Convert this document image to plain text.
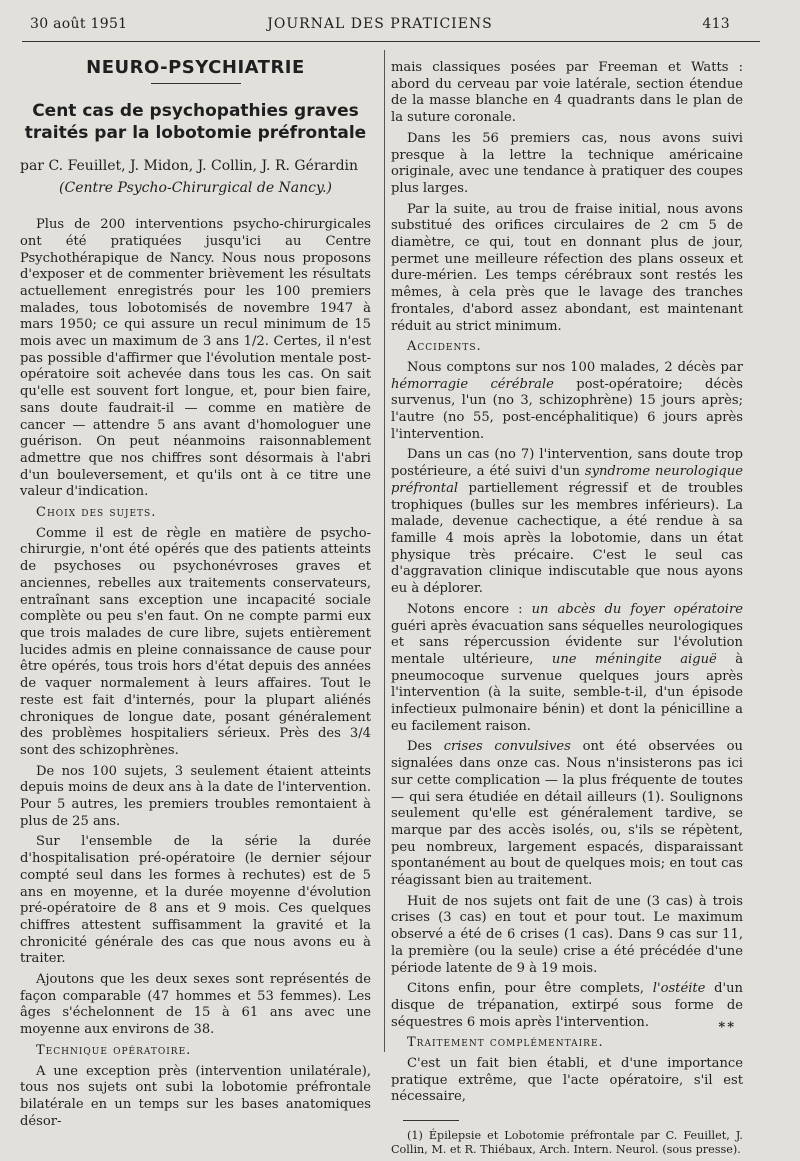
30 août 1951	JOURNAL DES PRATICIENS	413
NEURO-PSYCHIATRIE
Cent cas de psychopathies graves
traités par la lobotomie préfrontale
par C. Feuillet, J. Midon, J. Collin, J. R. Gérardin
(Centre Psycho-Chirurgical de Nancy.)

Plus de 200 interventions psycho-chirurgicales ont été pratiquées jusqu'ici au Centre Psychothérapique de Nancy. Nous nous proposons d'exposer et de commenter brièvement les résultats actuellement enregistrés pour les 100 premiers malades, tous lobotomisés de novembre 1947 à mars 1950; ce qui assure un recul minimum de 15 mois avec un maximum de 3 ans 1/2. Certes, il n'est pas possible d'affirmer que l'évolution mentale post-opératoire soit achevée dans tous les cas. On sait qu'elle est souvent fort longue, et, pour bien faire, sans doute faudrait-il — comme en matière de cancer — attendre 5 ans avant d'homologuer une guérison. On peut néanmoins raisonnablement admettre que nos chiffres sont désormais à l'abri d'un bouleversement, et qu'ils ont à ce titre une valeur d'indication.

Choix des sujets.

Comme il est de règle en matière de psycho-chirurgie, n'ont été opérés que des patients atteints de psychoses ou psychonévroses graves et anciennes, rebelles aux traitements conservateurs, entraînant sans exception une incapacité sociale complète ou peu s'en faut. On ne compte parmi eux que trois malades de cure libre, sujets entièrement lucides admis en pleine connaissance de cause pour être opérés, tous trois hors d'état depuis des années de vaquer normalement à leurs affaires. Tout le reste est fait d'internés, pour la plupart aliénés chroniques de longue date, posant généralement des problèmes hospitaliers sérieux. Près des 3/4 sont des schizophrènes.

De nos 100 sujets, 3 seulement étaient atteints depuis moins de deux ans à la date de l'intervention. Pour 5 autres, les premiers troubles remontaient à plus de 25 ans.

Sur l'ensemble de la série la durée d'hospitalisation pré-opératoire (le dernier séjour compté seul dans les formes à rechutes) est de 5 ans en moyenne, et la durée moyenne d'évolution pré-opératoire de 8 ans et 9 mois. Ces quelques chiffres attestent suffisamment la gravité et la chronicité générale des cas que nous avons eu à traiter.

Ajoutons que les deux sexes sont représentés de façon comparable (47 hommes et 53 femmes). Les âges s'échelonnent de 15 à 61 ans avec une moyenne aux environs de 38.

Technique opératoire.

A une exception près (intervention unilatérale), tous nos sujets ont subi la lobotomie préfrontale bilatérale en un temps sur les bases anatomiques désor-

mais classiques posées par Freeman et Watts : abord du cerveau par voie latérale, section étendue de la masse blanche en 4 quadrants dans le plan de la suture coronale.

Dans les 56 premiers cas, nous avons suivi presque à la lettre la technique américaine originale, avec une tendance à pratiquer des coupes plus larges.

Par la suite, au trou de fraise initial, nous avons substitué des orifices circulaires de 2 cm 5 de diamètre, ce qui, tout en donnant plus de jour, permet une meilleure réfection des plans osseux et dure-mérien. Les temps cérébraux sont restés les mêmes, à cela près que le lavage des tranches frontales, d'abord assez abondant, est maintenant réduit au strict minimum.

Accidents.

Nous comptons sur nos 100 malades, 2 décès par hémorragie cérébrale post-opératoire; décès survenus, l'un (no 3, schizophrène) 15 jours après; l'autre (no 55, post-encéphalitique) 6 jours après l'intervention.

Dans un cas (no 7) l'intervention, sans doute trop postérieure, a été suivi d'un syndrome neurologique préfrontal partiellement régressif et de troubles trophiques (bulles sur les membres inférieurs). La malade, devenue cachectique, a été rendue à sa famille 4 mois après la lobotomie, dans un état physique très précaire. C'est le seul cas d'aggravation clinique indiscutable que nous ayons eu à déplorer.

Notons encore : un abcès du foyer opératoire guéri après évacuation sans séquelles neurologiques et sans répercussion évidente sur l'évolution mentale ultérieure, une méningite aiguë à pneumocoque survenue quelques jours après l'intervention (à la suite, semble-t-il, d'un épisode infectieux pulmonaire bénin) et dont la pénicilline a eu facilement raison.

Des crises convulsives ont été observées ou signalées dans onze cas. Nous n'insisterons pas ici sur cette complication — la plus fréquente de toutes — qui sera étudiée en détail ailleurs (1). Soulignons seulement qu'elle est généralement tardive, se marque par des accès isolés, ou, s'ils se répètent, peu nombreux, largement espacés, disparaissant spontanément au bout de quelques mois; en tout cas réagissant bien au traitement.

Huit de nos sujets ont fait de une (3 cas) à trois crises (3 cas) en tout et pour tout. Le maximum observé a été de 6 crises (1 cas). Dans 9 cas sur 11, la première (ou la seule) crise a été précédée d'une période latente de 9 à 19 mois.

Citons enfin, pour être complets, l'ostéite d'un disque de trépanation, extirpé sous forme de séquestres 6 mois après l'intervention.

Traitement complémentaire.

C'est un fait bien établi, et d'une importance pratique extrême, que l'acte opératoire, s'il est nécessaire,

(1) Épilepsie et Lobotomie préfrontale par C. Feuillet, J. Collin, M. et R. Thiébaux, Arch. Intern. Neurol. (sous presse).

**
